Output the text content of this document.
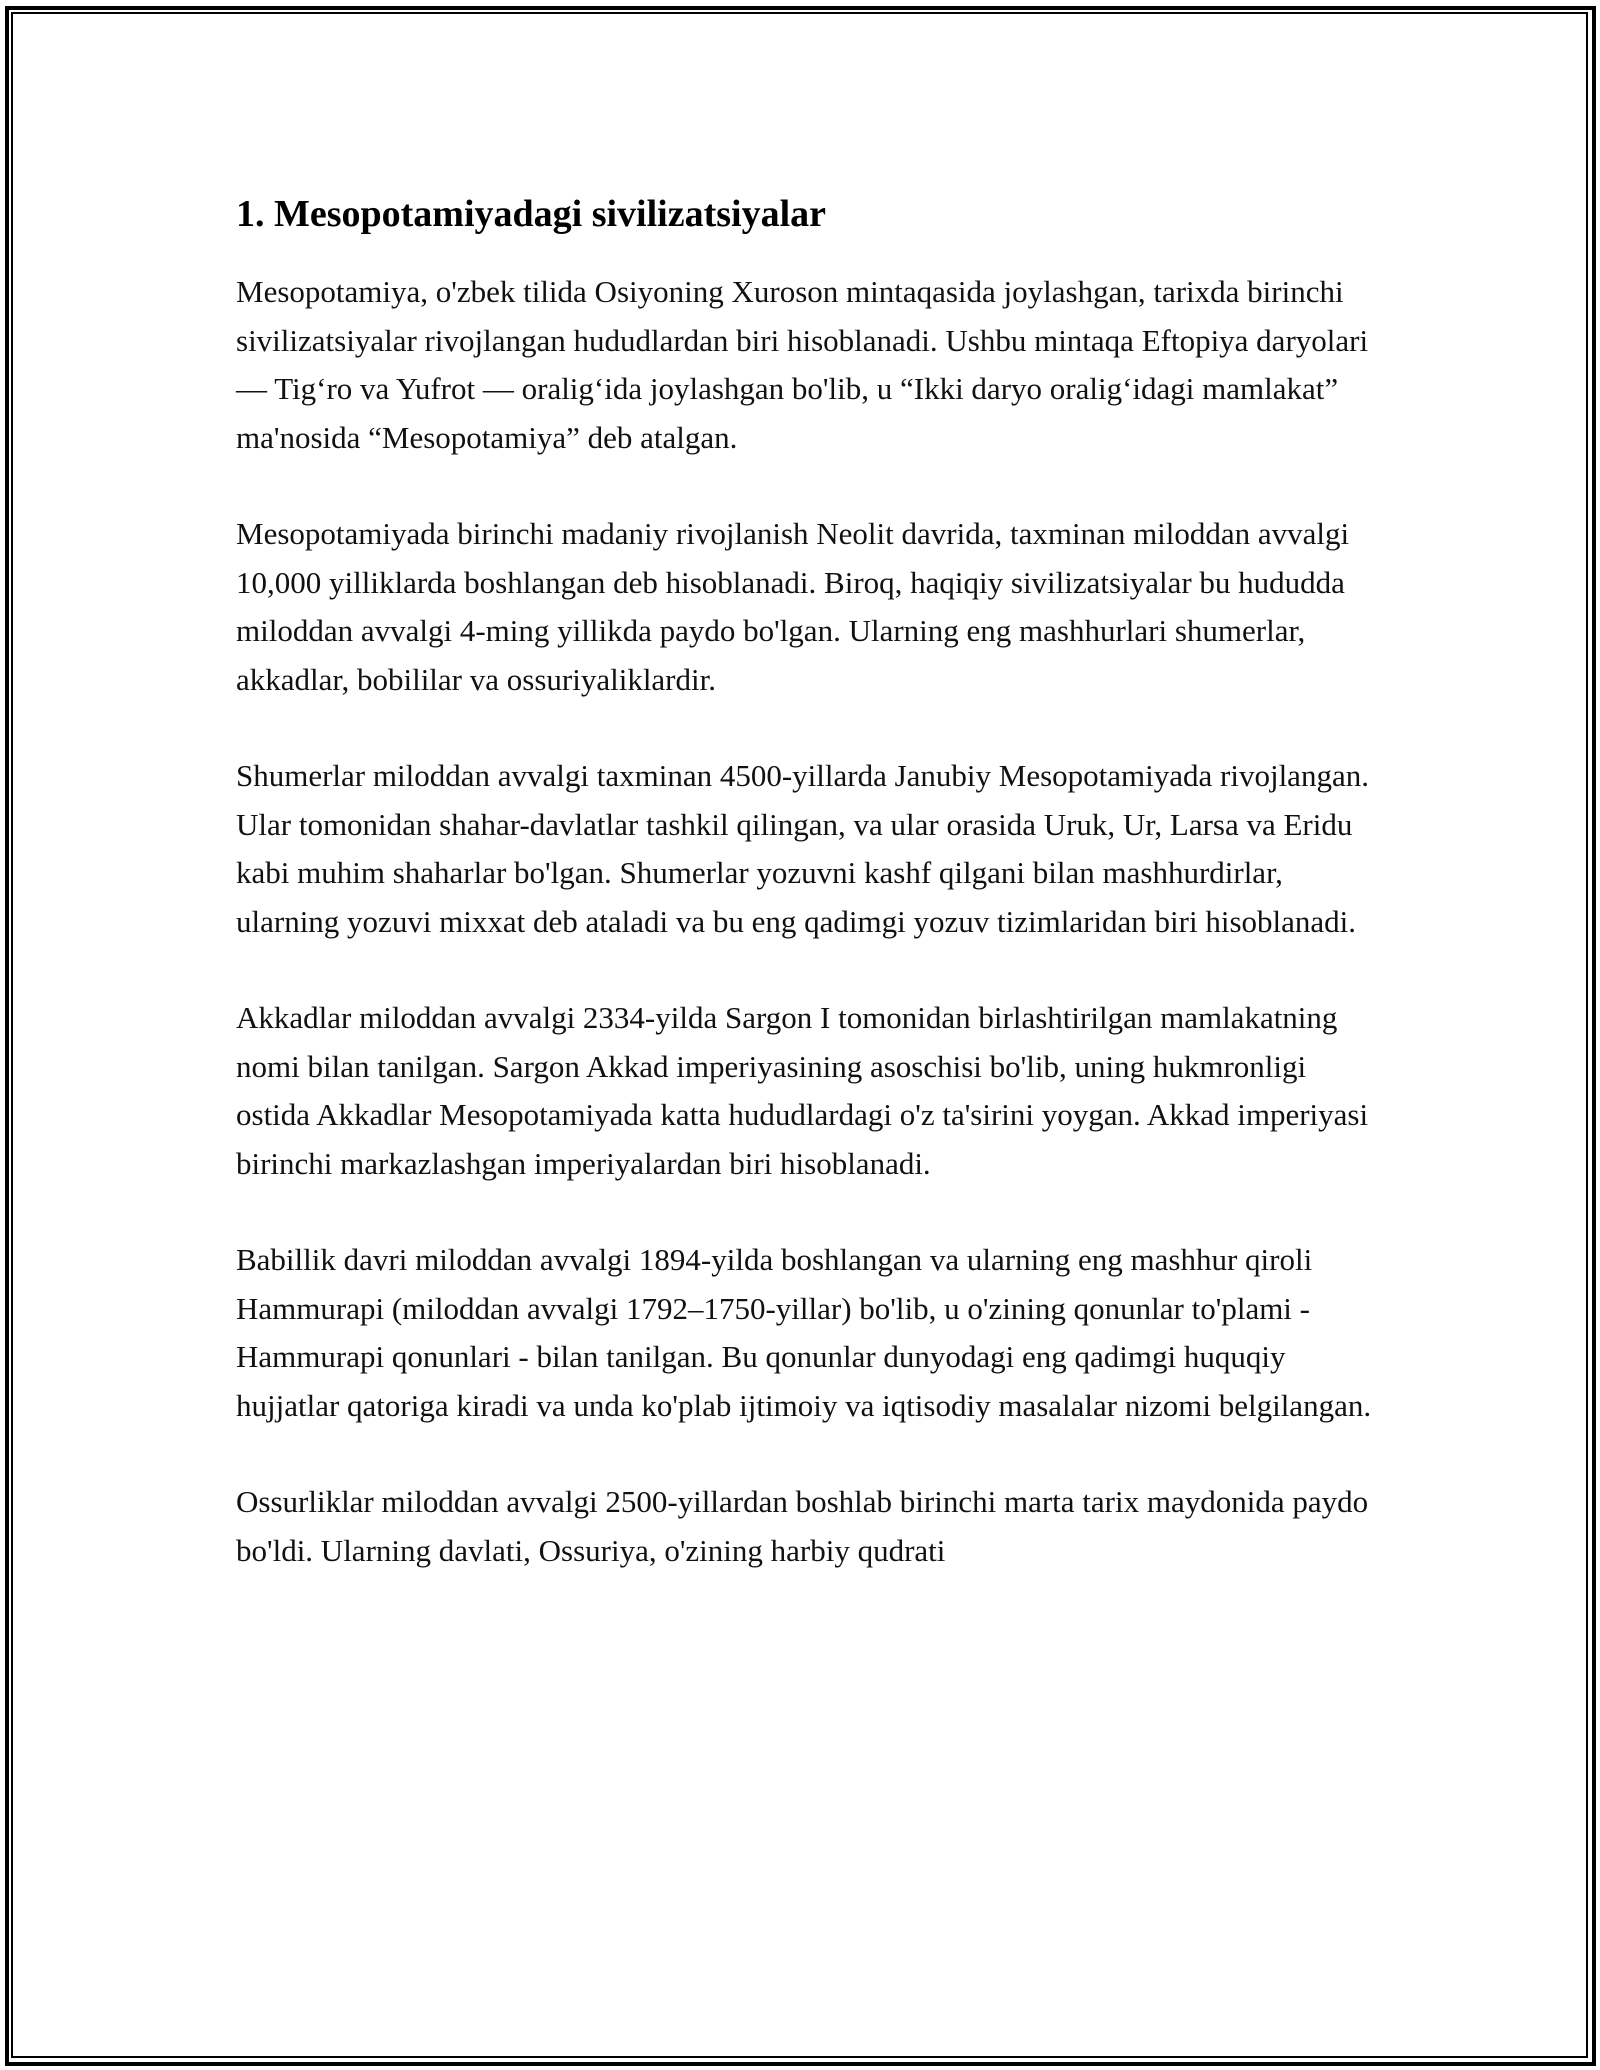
1. Mesopotamiyadagi sivilizatsiyalar

Mesopotamiya, o'zbek tilida Osiyoning Xuroson mintaqasida joylashgan, tarixda birinchi sivilizatsiyalar rivojlangan hududlardan biri hisoblanadi. Ushbu mintaqa Eftopiya daryolari — Tig‘ro va Yufrot — oralig‘ida joylashgan bo'lib, u “Ikki daryo oralig‘idagi mamlakat” ma'nosida “Mesopotamiya” deb atalgan.

Mesopotamiyada birinchi madaniy rivojlanish Neolit davrida, taxminan miloddan avvalgi 10,000 yilliklarda boshlangan deb hisoblanadi. Biroq, haqiqiy sivilizatsiyalar bu hududda miloddan avvalgi 4-ming yillikda paydo bo'lgan. Ularning eng mashhurlari shumerlar, akkadlar, bobililar va ossuriyaliklardir.

Shumerlar miloddan avvalgi taxminan 4500-yillarda Janubiy Mesopotamiyada rivojlangan. Ular tomonidan shahar-davlatlar tashkil qilingan, va ular orasida Uruk, Ur, Larsa va Eridu kabi muhim shaharlar bo'lgan. Shumerlar yozuvni kashf qilgani bilan mashhurdirlar, ularning yozuvi mixxat deb ataladi va bu eng qadimgi yozuv tizimlaridan biri hisoblanadi.

Akkadlar miloddan avvalgi 2334-yilda Sargon I tomonidan birlashtirilgan mamlakatning nomi bilan tanilgan. Sargon Akkad imperiyasining asoschisi bo'lib, uning hukmronligi ostida Akkadlar Mesopotamiyada katta hududlardagi o'z ta'sirini yoygan. Akkad imperiyasi birinchi markazlashgan imperiyalardan biri hisoblanadi.

Babillik davri miloddan avvalgi 1894-yilda boshlangan va ularning eng mashhur qiroli Hammurapi (miloddan avvalgi 1792–1750-yillar) bo'lib, u o'zining qonunlar to'plami - Hammurapi qonunlari - bilan tanilgan. Bu qonunlar dunyodagi eng qadimgi huquqiy hujjatlar qatoriga kiradi va unda ko'plab ijtimoiy va iqtisodiy masalalar nizomi belgilangan.

Ossurliklar miloddan avvalgi 2500-yillardan boshlab birinchi marta tarix maydonida paydo bo'ldi. Ularning davlati, Ossuriya, o'zining harbiy qudrati
